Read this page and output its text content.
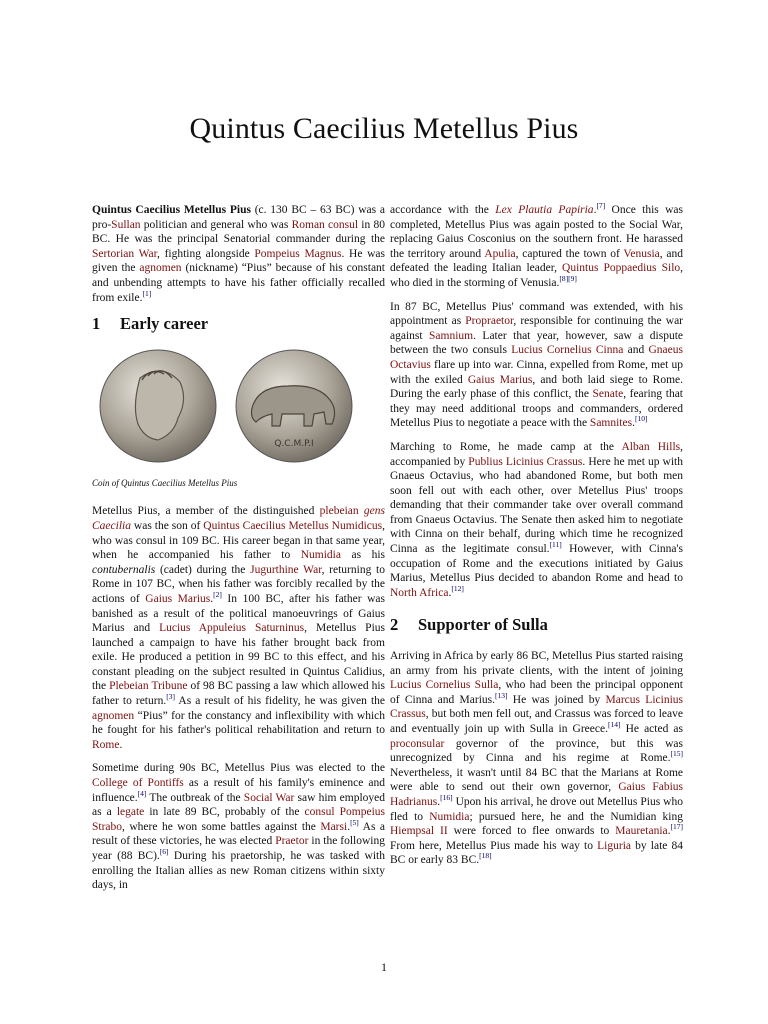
Quintus Caecilius Metellus Pius

Quintus Caecilius Metellus Pius (c. 130 BC – 63 BC) was a pro-Sullan politician and general who was Roman consul in 80 BC. He was the principal Senatorial commander during the Sertorian War, fighting alongside Pompeius Magnus. He was given the agnomen (nickname) “Pius” because of his constant and unbending attempts to have his father officially recalled from exile.[1]

1 Early career
Q.C.M.P.I
Coin of Quintus Caecilius Metellus Pius

Metellus Pius, a member of the distinguished plebeian gens Caecilia was the son of Quintus Caecilius Metellus Numidicus, who was consul in 109 BC. His career began in that same year, when he accompanied his father to Numidia as his contubernalis (cadet) during the Jugurthine War, returning to Rome in 107 BC, when his father was forcibly recalled by the actions of Gaius Marius.[2] In 100 BC, after his father was banished as a result of the political manoeuvrings of Gaius Marius and Lucius Appuleius Saturninus, Metellus Pius launched a campaign to have his father brought back from exile. He produced a petition in 99 BC to this effect, and his constant pleading on the subject resulted in Quintus Calidius, the Plebeian Tribune of 98 BC passing a law which allowed his father to return.[3] As a result of his fidelity, he was given the agnomen “Pius” for the constancy and inflexibility with which he fought for his father's political rehabilitation and return to Rome.

Sometime during 90s BC, Metellus Pius was elected to the College of Pontiffs as a result of his family's eminence and influence.[4] The outbreak of the Social War saw him employed as a legate in late 89 BC, probably of the consul Pompeius Strabo, where he won some battles against the Marsi.[5] As a result of these victories, he was elected Praetor in the following year (88 BC).[6] During his praetorship, he was tasked with enrolling the Italian allies as new Roman citizens within sixty days, in

accordance with the Lex Plautia Papiria.[7] Once this was completed, Metellus Pius was again posted to the Social War, replacing Gaius Cosconius on the southern front. He harassed the territory around Apulia, captured the town of Venusia, and defeated the leading Italian leader, Quintus Poppaedius Silo, who died in the storming of Venusia.[8][9]

In 87 BC, Metellus Pius' command was extended, with his appointment as Propraetor, responsible for continuing the war against Samnium. Later that year, however, saw a dispute between the two consuls Lucius Cornelius Cinna and Gnaeus Octavius flare up into war. Cinna, expelled from Rome, met up with the exiled Gaius Marius, and both laid siege to Rome. During the early phase of this conflict, the Senate, fearing that they may need additional troops and commanders, ordered Metellus Pius to negotiate a peace with the Samnites.[10]

Marching to Rome, he made camp at the Alban Hills, accompanied by Publius Licinius Crassus. Here he met up with Gnaeus Octavius, who had abandoned Rome, but both men soon fell out with each other, over Metellus Pius' troops demanding that their commander take over overall command from Gnaeus Octavius. The Senate then asked him to negotiate with Cinna on their behalf, during which time he recognized Cinna as the legitimate consul.[11] However, with Cinna's occupation of Rome and the executions initiated by Gaius Marius, Metellus Pius decided to abandon Rome and head to North Africa.[12]

2 Supporter of Sulla

Arriving in Africa by early 86 BC, Metellus Pius started raising an army from his private clients, with the intent of joining Lucius Cornelius Sulla, who had been the principal opponent of Cinna and Marius.[13] He was joined by Marcus Licinius Crassus, but both men fell out, and Crassus was forced to leave and eventually join up with Sulla in Greece.[14] He acted as proconsular governor of the province, but this was unrecognized by Cinna and his regime at Rome.[15] Nevertheless, it wasn't until 84 BC that the Marians at Rome were able to send out their own governor, Gaius Fabius Hadrianus.[16] Upon his arrival, he drove out Metellus Pius who fled to Numidia; pursued here, he and the Numidian king Hiempsal II were forced to flee onwards to Mauretania.[17] From here, Metellus Pius made his way to Liguria by late 84 BC or early 83 BC.[18]

1
